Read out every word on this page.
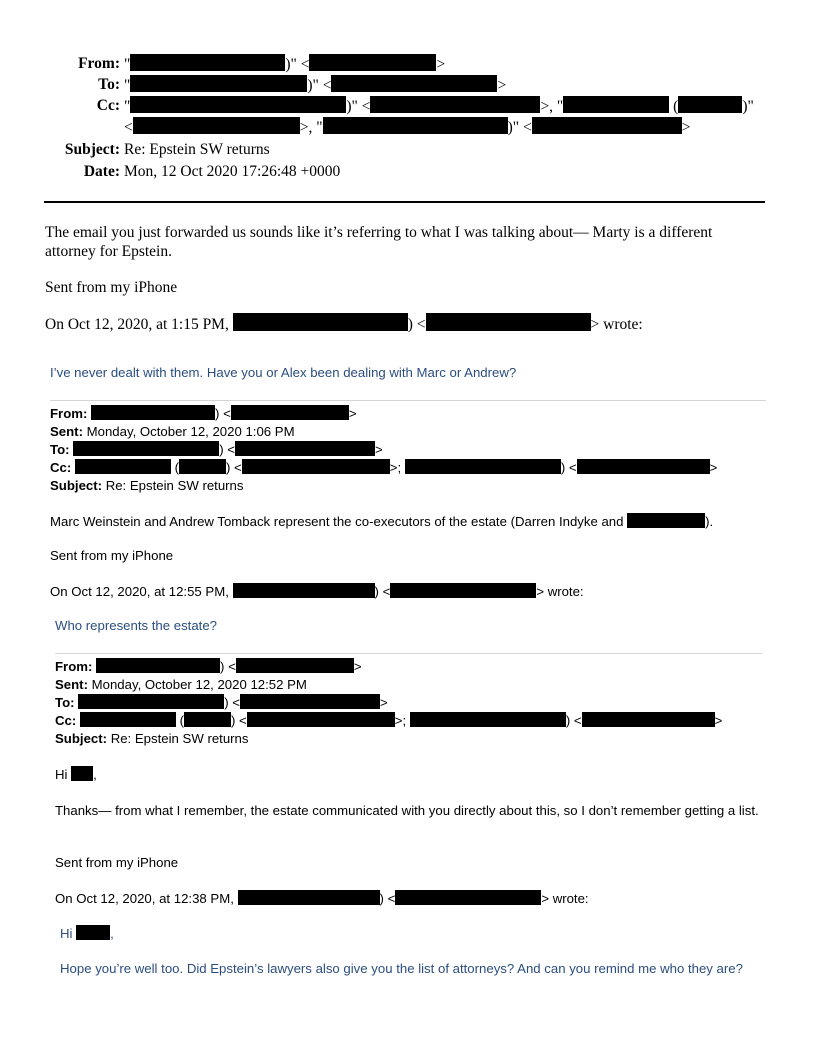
From: "	)" <	>
To: "	)" <	>
Cc: "	)" <	>, "	(	)"
<	>, "	)" <	>
Subject: Re: Epstein SW returns
Date: Mon, 12 Oct 2020 17:26:48 +0000
The email you just forwarded us sounds like it’s referring to what I was talking about— Marty is a different attorney for Epstein.
Sent from my iPhone
On Oct 12, 2020, at 1:15 PM,	) <	> wrote:
I’ve never dealt with them. Have you or Alex been dealing with Marc or Andrew?
From:	) <	>
Sent: Monday, October 12, 2020 1:06 PM
To:	) <	>
Cc:	(	) <	>;	) <	>
Subject: Re: Epstein SW returns
Marc Weinstein and Andrew Tomback represent the co-executors of the estate (Darren Indyke and	).
Sent from my iPhone
On Oct 12, 2020, at 12:55 PM,	) <	> wrote:
Who represents the estate?
From:	) <	>
Sent: Monday, October 12, 2020 12:52 PM
To:	) <	>
Cc:	(	) <	>;	) <	>
Subject: Re: Epstein SW returns
Hi ,
Thanks— from what I remember, the estate communicated with you directly about this, so I don’t remember getting a list.
Sent from my iPhone
On Oct 12, 2020, at 12:38 PM,	) <	> wrote:
Hi	,
Hope you’re well too. Did Epstein’s lawyers also give you the list of attorneys? And can you remind me who they are?
